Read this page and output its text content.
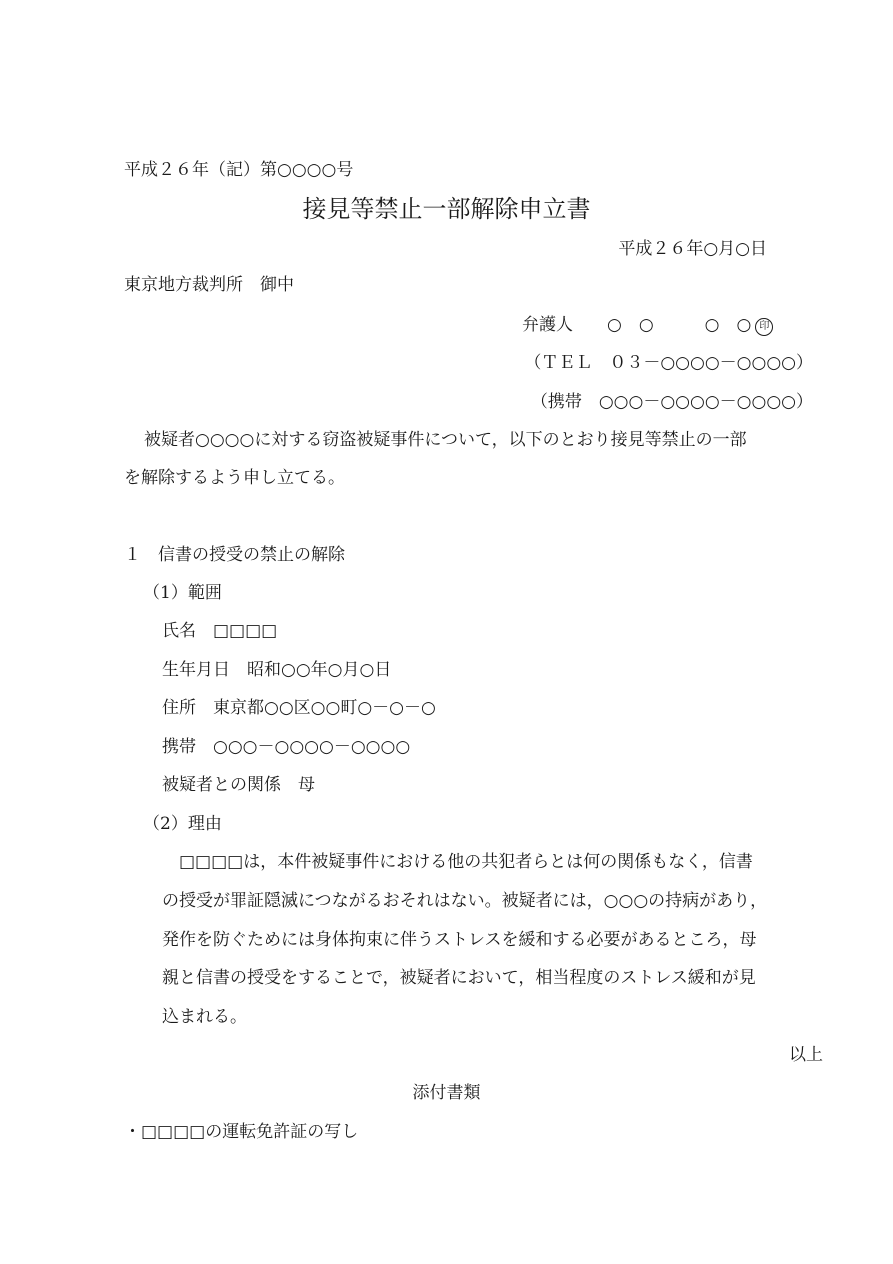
平成２６年（記）第○○○○号
接見等禁止一部解除申立書
平成２６年○月○日
東京地方裁判所　御中
弁護人 ○　○　　　○　○ 印
（ＴＥＬ　０３－○○○○－○○○○）
（携帯　○○○－○○○○－○○○○）
被疑者○○○○に対する窃盗被疑事件について，以下のとおり接見等禁止の一部
を解除するよう申し立てる。
１　信書の授受の禁止の解除
（1）範囲
氏名　□□□□
生年月日　昭和○○年○月○日
住所　東京都○○区○○町○－○－○
携帯　○○○－○○○○－○○○○
被疑者との関係　母
（2）理由
　□□□□は，本件被疑事件における他の共犯者らとは何の関係もなく，信書
の授受が罪証隠滅につながるおそれはない。被疑者には，○○○の持病があり，
発作を防ぐためには身体拘束に伴うストレスを緩和する必要があるところ，母
親と信書の授受をすることで，被疑者において，相当程度のストレス緩和が見
込まれる。
以上
添付書類
・□□□□の運転免許証の写し
